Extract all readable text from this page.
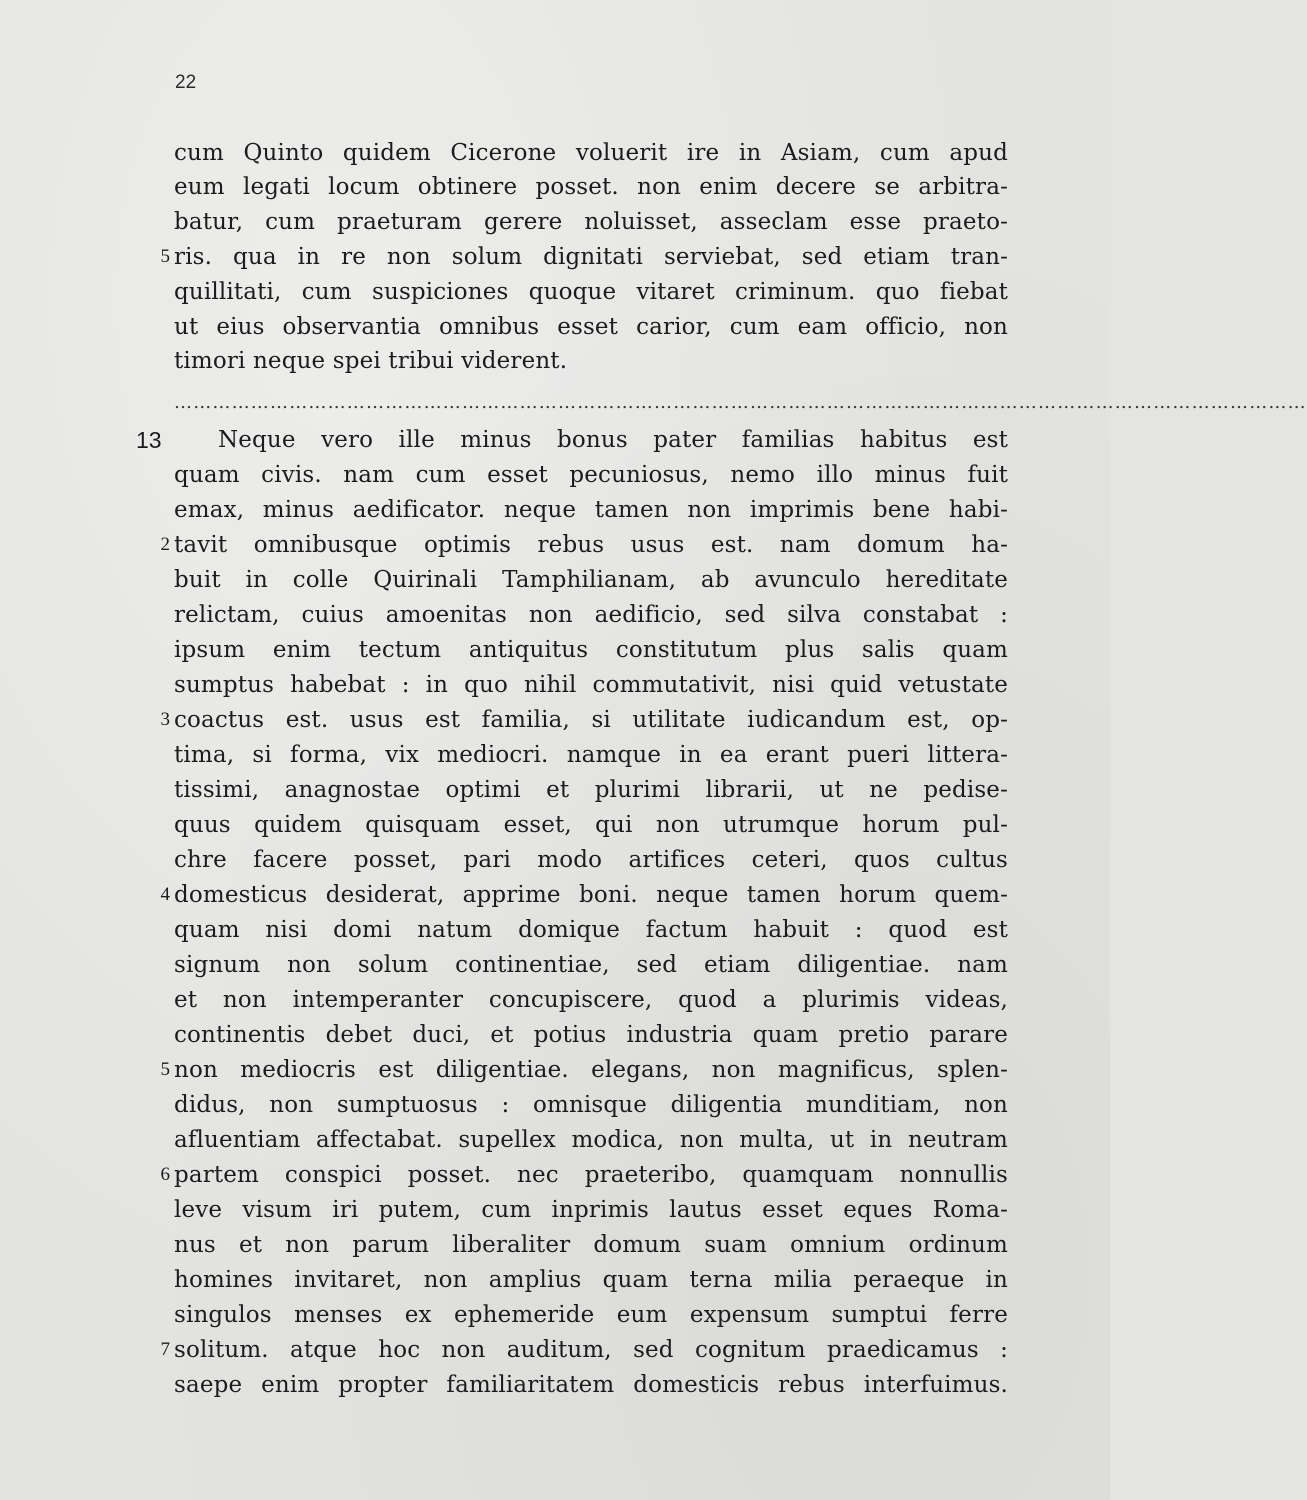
22
cum Quinto quidem Cicerone voluerit ire in Asiam, cum apud
eum legati locum obtinere posset. non enim decere se arbitra-
batur, cum praeturam gerere noluisset, asseclam esse praeto-
5 ris. qua in re non solum dignitati serviebat, sed etiam tran-
quillitati, cum suspiciones quoque vitaret criminum. quo fiebat
ut eius observantia omnibus esset carior, cum eam officio, non
timori neque spei tribui viderent.
……………………………………………………………………………………………………………………………………………………………
13 Neque vero ille minus bonus pater familias habitus est
quam civis. nam cum esset pecuniosus, nemo illo minus fuit
emax, minus aedificator. neque tamen non imprimis bene habi-
2 tavit omnibusque optimis rebus usus est. nam domum ha-
buit in colle Quirinali Tamphilianam, ab avunculo hereditate
relictam, cuius amoenitas non aedificio, sed silva constabat :
ipsum enim tectum antiquitus constitutum plus salis quam
sumptus habebat : in quo nihil commutativit, nisi quid vetustate
3 coactus est. usus est familia, si utilitate iudicandum est, op-
tima, si forma, vix mediocri. namque in ea erant pueri littera-
tissimi, anagnostae optimi et plurimi librarii, ut ne pedise-
quus quidem quisquam esset, qui non utrumque horum pul-
chre facere posset, pari modo artifices ceteri, quos cultus
4 domesticus desiderat, apprime boni. neque tamen horum quem-
quam nisi domi natum domique factum habuit : quod est
signum non solum continentiae, sed etiam diligentiae. nam
et non intemperanter concupiscere, quod a plurimis videas,
continentis debet duci, et potius industria quam pretio parare
5 non mediocris est diligentiae. elegans, non magnificus, splen-
didus, non sumptuosus : omnisque diligentia munditiam, non
afluentiam affectabat. supellex modica, non multa, ut in neutram
6 partem conspici posset. nec praeteribo, quamquam nonnullis
leve visum iri putem, cum inprimis lautus esset eques Roma-
nus et non parum liberaliter domum suam omnium ordinum
homines invitaret, non amplius quam terna milia peraeque in
singulos menses ex ephemeride eum expensum sumptui ferre
7 solitum. atque hoc non auditum, sed cognitum praedicamus :
saepe enim propter familiaritatem domesticis rebus interfuimus.
